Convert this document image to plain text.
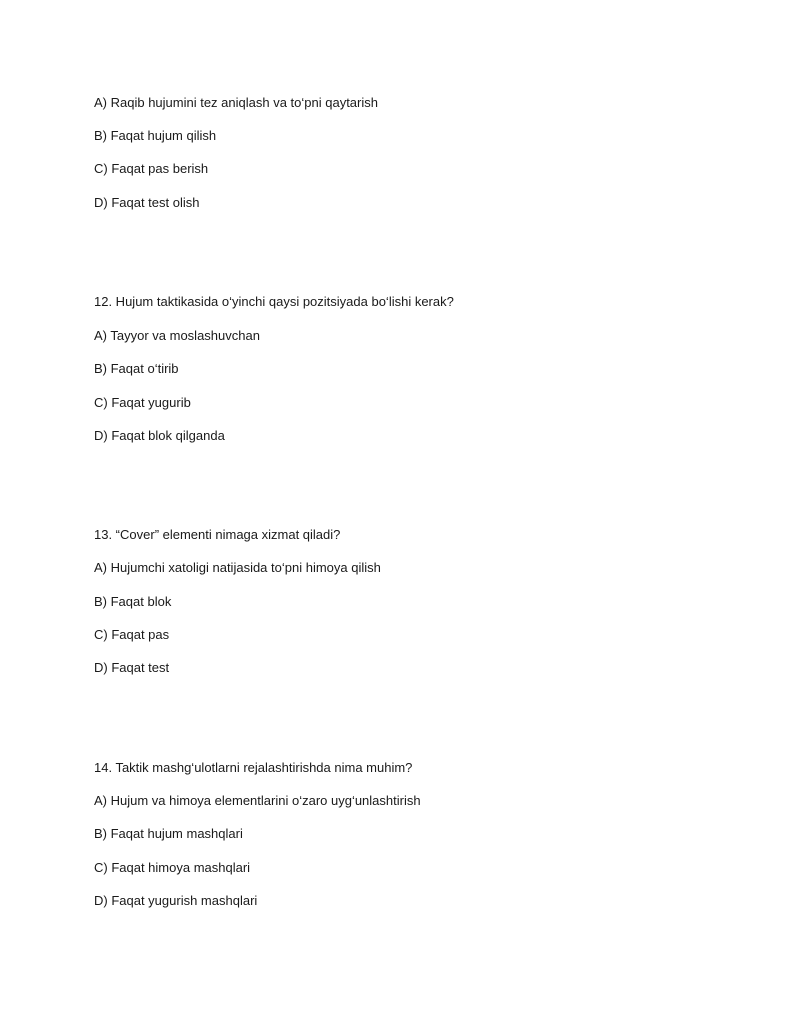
A) Raqib hujumini tez aniqlash va to‘pni qaytarish
B) Faqat hujum qilish
C) Faqat pas berish
D) Faqat test olish
12. Hujum taktikasida o‘yinchi qaysi pozitsiyada bo‘lishi kerak?
A) Tayyor va moslashuvchan
B) Faqat o‘tirib
C) Faqat yugurib
D) Faqat blok qilganda
13. “Cover” elementi nimaga xizmat qiladi?
A) Hujumchi xatoligi natijasida to‘pni himoya qilish
B) Faqat blok
C) Faqat pas
D) Faqat test
14. Taktik mashg‘ulotlarni rejalashtirishda nima muhim?
A) Hujum va himoya elementlarini o‘zaro uyg‘unlashtirish
B) Faqat hujum mashqlari
C) Faqat himoya mashqlari
D) Faqat yugurish mashqlari
